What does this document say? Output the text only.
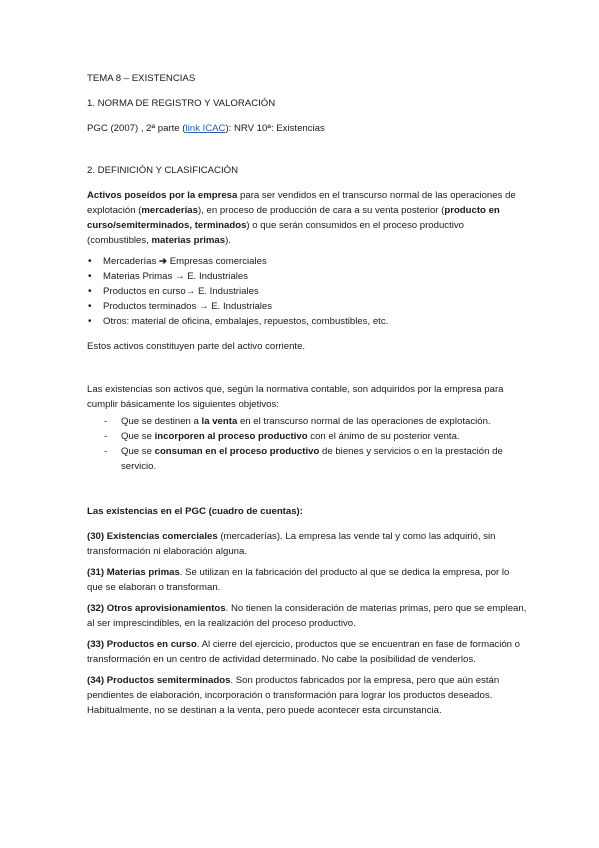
TEMA 8 – EXISTENCIAS

1. NORMA DE REGISTRO Y VALORACIÓN

PGC (2007) , 2ª parte (link ICAC): NRV 10ª: Existencias

2. DEFINICIÓN Y CLASIFICACIÓN

Activos poseídos por la empresa para ser vendidos en el transcurso normal de las operaciones de explotación (mercaderías), en proceso de producción de cara a su venta posterior (producto en curso/semiterminados, terminados) o que serán consumidos en el proceso productivo (combustibles, materias primas).

• Mercaderías ➔ Empresas comerciales
• Materias Primas → E. Industriales
• Productos en curso→ E. Industriales
• Productos terminados → E. Industriales
• Otros: material de oficina, embalajes, repuestos, combustibles, etc.

Estos activos constituyen parte del activo corriente.

Las existencias son activos que, según la normativa contable, son adquiridos por la empresa para cumplir básicamente los siguientes objetivos:

- Que se destinen a la venta en el transcurso normal de las operaciones de explotación.
- Que se incorporen al proceso productivo con el ánimo de su posterior venta.
- Que se consuman en el proceso productivo de bienes y servicios o en la prestación de servicio.

Las existencias en el PGC (cuadro de cuentas):

(30) Existencias comerciales (mercaderías). La empresa las vende tal y como las adquirió, sin transformación ni elaboración alguna.

(31) Materias primas. Se utilizan en la fabricación del producto al que se dedica la empresa, por lo que se elaboran o transforman.

(32) Otros aprovisionamientos. No tienen la consideración de materias primas, pero que se emplean, al ser imprescindibles, en la realización del proceso productivo.

(33) Productos en curso. Al cierre del ejercicio, productos que se encuentran en fase de formación o transformación en un centro de actividad determinado. No cabe la posibilidad de venderlos.

(34) Productos semiterminados. Son productos fabricados por la empresa, pero que aún están pendientes de elaboración, incorporación o transformación para lograr los productos deseados. Habitualmente, no se destinan a la venta, pero puede acontecer esta circunstancia.
